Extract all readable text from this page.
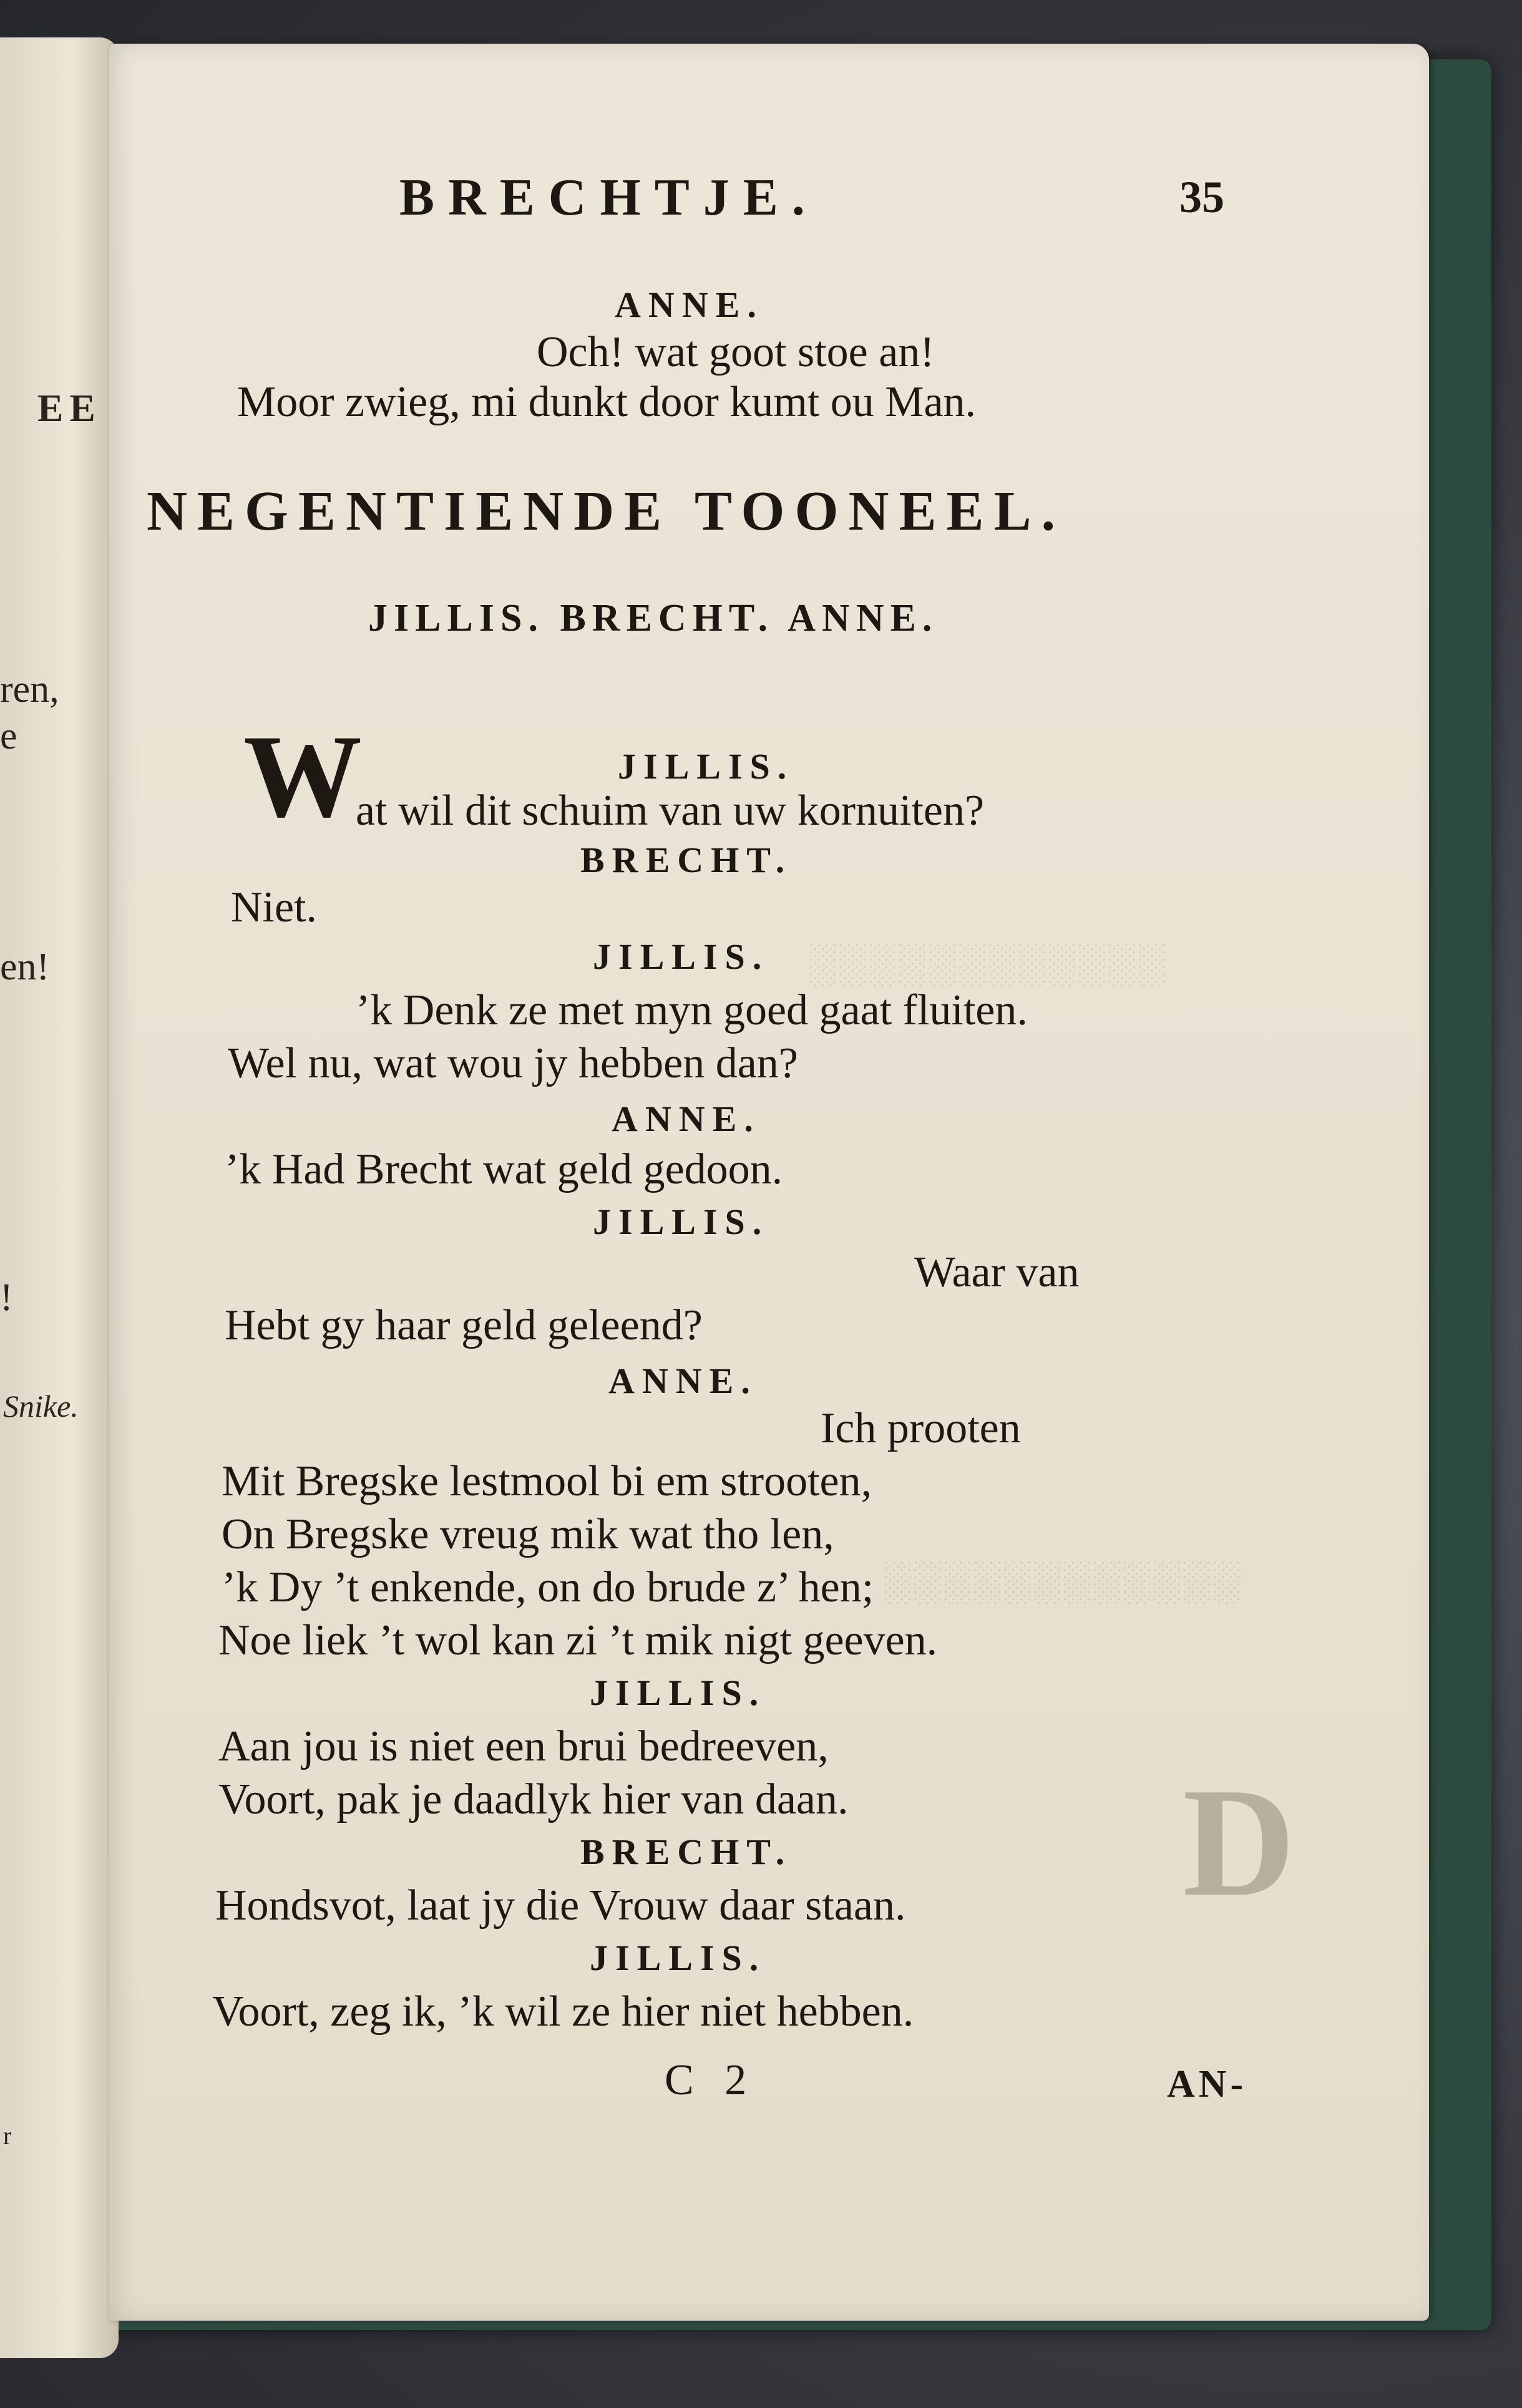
EE
ren,
e
en!
!
Snike.
r
░░░░░░░░░░░░
░░░░░░░░░░░░
D
BRECHTJE.	35
ANNE.
Och! wat goot stoe an!
Moor zwieg, mi dunkt door kumt ou Man.
NEGENTIENDE TOONEEL.
JILLIS. BRECHT. ANNE.
W	JILLIS.
at wil dit schuim van uw kornuiten?
BRECHT.
Niet.
JILLIS.
’k Denk ze met myn goed gaat fluiten.
Wel nu, wat wou jy hebben dan?
ANNE.
’k Had Brecht wat geld gedoon.
JILLIS.
Waar van
Hebt gy haar geld geleend?
ANNE.
Ich prooten
Mit Bregske lestmool bi em strooten,
On Bregske vreug mik wat tho len,
’k Dy ’t enkende, on do brude z’ hen;
Noe liek ’t wol kan zi ’t mik nigt geeven.
JILLIS.
Aan jou is niet een brui bedreeven,
Voort, pak je daadlyk hier van daan.
BRECHT.
Hondsvot, laat jy die Vrouw daar staan.
JILLIS.
Voort, zeg ik, ’k wil ze hier niet hebben.
C 2	AN-
